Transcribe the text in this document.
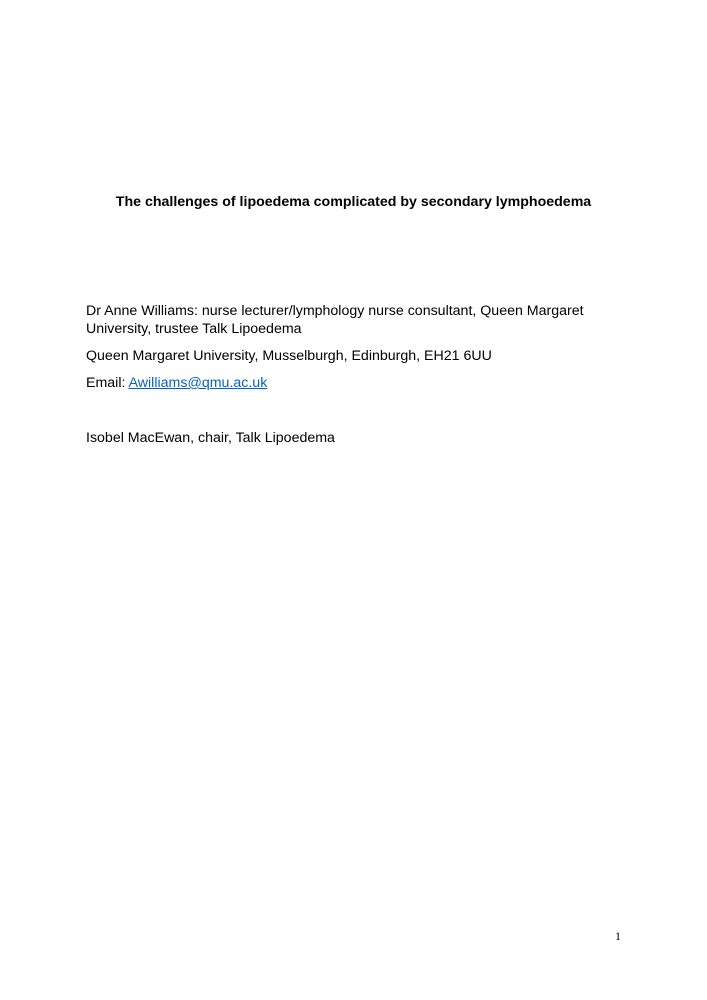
The challenges of lipoedema complicated by secondary lymphoedema

Dr Anne Williams: nurse lecturer/lymphology nurse consultant, Queen Margaret University, trustee Talk Lipoedema

Queen Margaret University, Musselburgh, Edinburgh, EH21 6UU

Email: Awilliams@qmu.ac.uk

Isobel MacEwan, chair, Talk Lipoedema

1
